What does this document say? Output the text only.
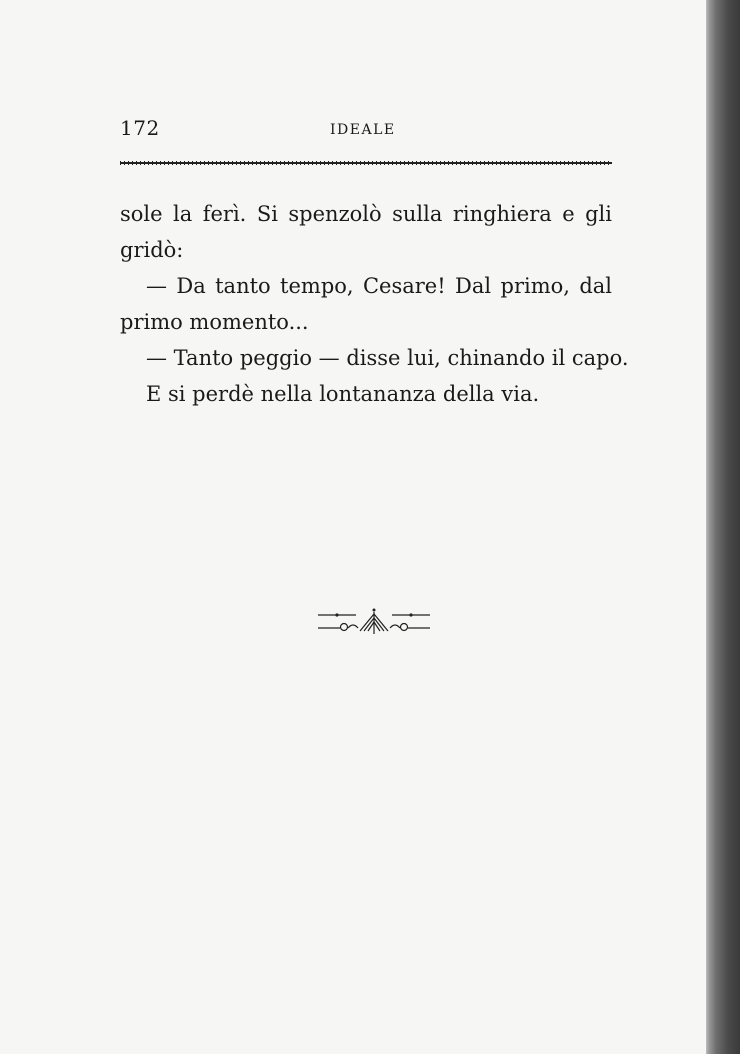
172	IDEALE
sole la ferì. Si spenzolò sulla ringhiera e gli
gridò:
— Da tanto tempo, Cesare! Dal primo, dal
primo momento...
— Tanto peggio — disse lui, chinando il capo.
E si perdè nella lontananza della via.
